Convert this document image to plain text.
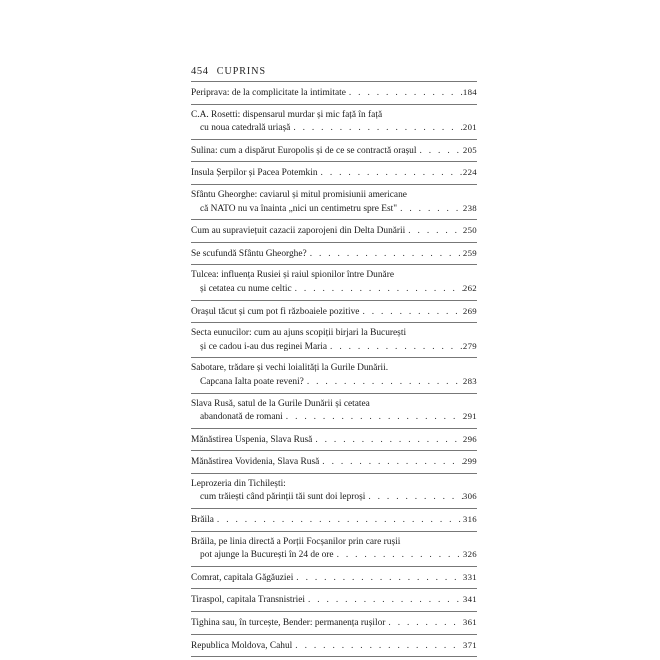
454 CUPRINS
Periprava: de la complicitate la intimitate . . .	184
C.A. Rosetti: dispensarul murdar și mic față în față
cu noua catedrală uriașă . . .	201
Sulina: cum a dispărut Europolis și de ce se contractă orașul . . .	205
Insula Șerpilor și Pacea Potemkin . . .	224
Sfântu Gheorghe: caviarul și mitul promisiunii americane
că NATO nu va înainta „nici un centimetru spre Est" . . .	238
Cum au supraviețuit cazacii zaporojeni din Delta Dunării . . .	250
Se scufundă Sfântu Gheorghe? . . .	259
Tulcea: influența Rusiei și raiul spionilor între Dunăre
și cetatea cu nume celtic . . .	262
Orașul tăcut și cum pot fi războaiele pozitive . . .	269
Secta eunucilor: cum au ajuns scopiții birjari la București
și ce cadou i-au dus reginei Maria . . .	279
Sabotare, trădare și vechi loialități la Gurile Dunării.
Capcana Ialta poate reveni? . . .	283
Slava Rusă, satul de la Gurile Dunării și cetatea
abandonată de romani . . .	291
Mănăstirea Uspenia, Slava Rusă . . .	296
Mănăstirea Vovidenia, Slava Rusă . . .	299
Leprozeria din Tichilești:
cum trăiești când părinții tăi sunt doi leproși . . .	306
Brăila . . .	316
Brăila, pe linia directă a Porții Focșanilor prin care rușii
pot ajunge la București în 24 de ore . . .	326
Comrat, capitala Găgăuziei . . .	331
Tiraspol, capitala Transnistriei . . .	341
Tighina sau, în turcește, Bender: permanența rușilor . . .	361
Republica Moldova, Cahul . . .	371
